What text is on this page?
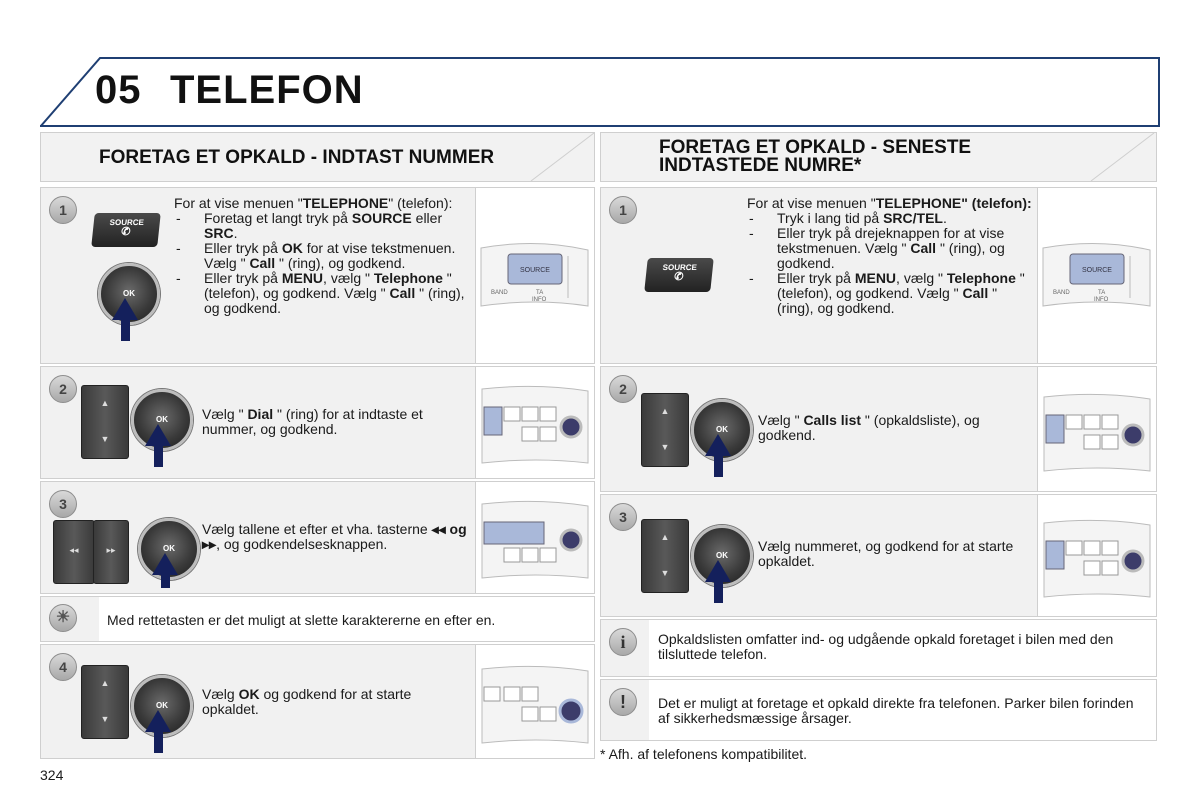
05 TELEFON
FORETAG ET OPKALD - INDTAST NUMMER
1
SOURCE
✆
OK
For at vise menuen "TELEPHONE" (telefon):
- Foretag et langt tryk på SOURCE eller SRC.
- Eller tryk på OK for at vise tekstmenuen. Vælg " Call " (ring), og godkend.
- Eller tryk på MENU, vælg " Telephone " (telefon), og godkend. Vælg " Call " (ring), og godkend.
SOURCE
BAND	TA
INFO
2
▲
▼
OK	Vælg " Dial " (ring) for at indtaste et nummer, og godkend.
3
◂◂	▸▸	OK
Vælg tallene et efter et vha. tasterne ◂◂ og ▸▸, og godkendelsesknappen.
☀	Med rettetasten er det muligt at slette karaktererne en efter en.
4
▲
▼
OK
Vælg OK og godkend for at starte opkaldet.
FORETAG ET OPKALD - SENESTE
INDTASTEDE NUMRE*
1
SOURCE
✆
For at vise menuen "TELEPHONE" (telefon):
- Tryk i lang tid på SRC/TEL.
- Eller tryk på drejeknappen for at vise tekstmenuen. Vælg " Call " (ring), og godkend.
- Eller tryk på MENU, vælg " Telephone " (telefon), og godkend. Vælg " Call " (ring), og godkend.
SOURCE
BAND	TA
INFO
2
▲
▼
OK
Vælg " Calls list " (opkaldsliste), og godkend.
3
▲
▼
OK
Vælg nummeret, og godkend for at starte opkaldet.
i	Opkaldslisten omfatter ind- og udgående opkald foretaget i bilen med den tilsluttede telefon.
!	Det er muligt at foretage et opkald direkte fra telefonen. Parker bilen forinden af sikkerhedsmæssige årsager.
* Afh. af telefonens kompatibilitet.
324
